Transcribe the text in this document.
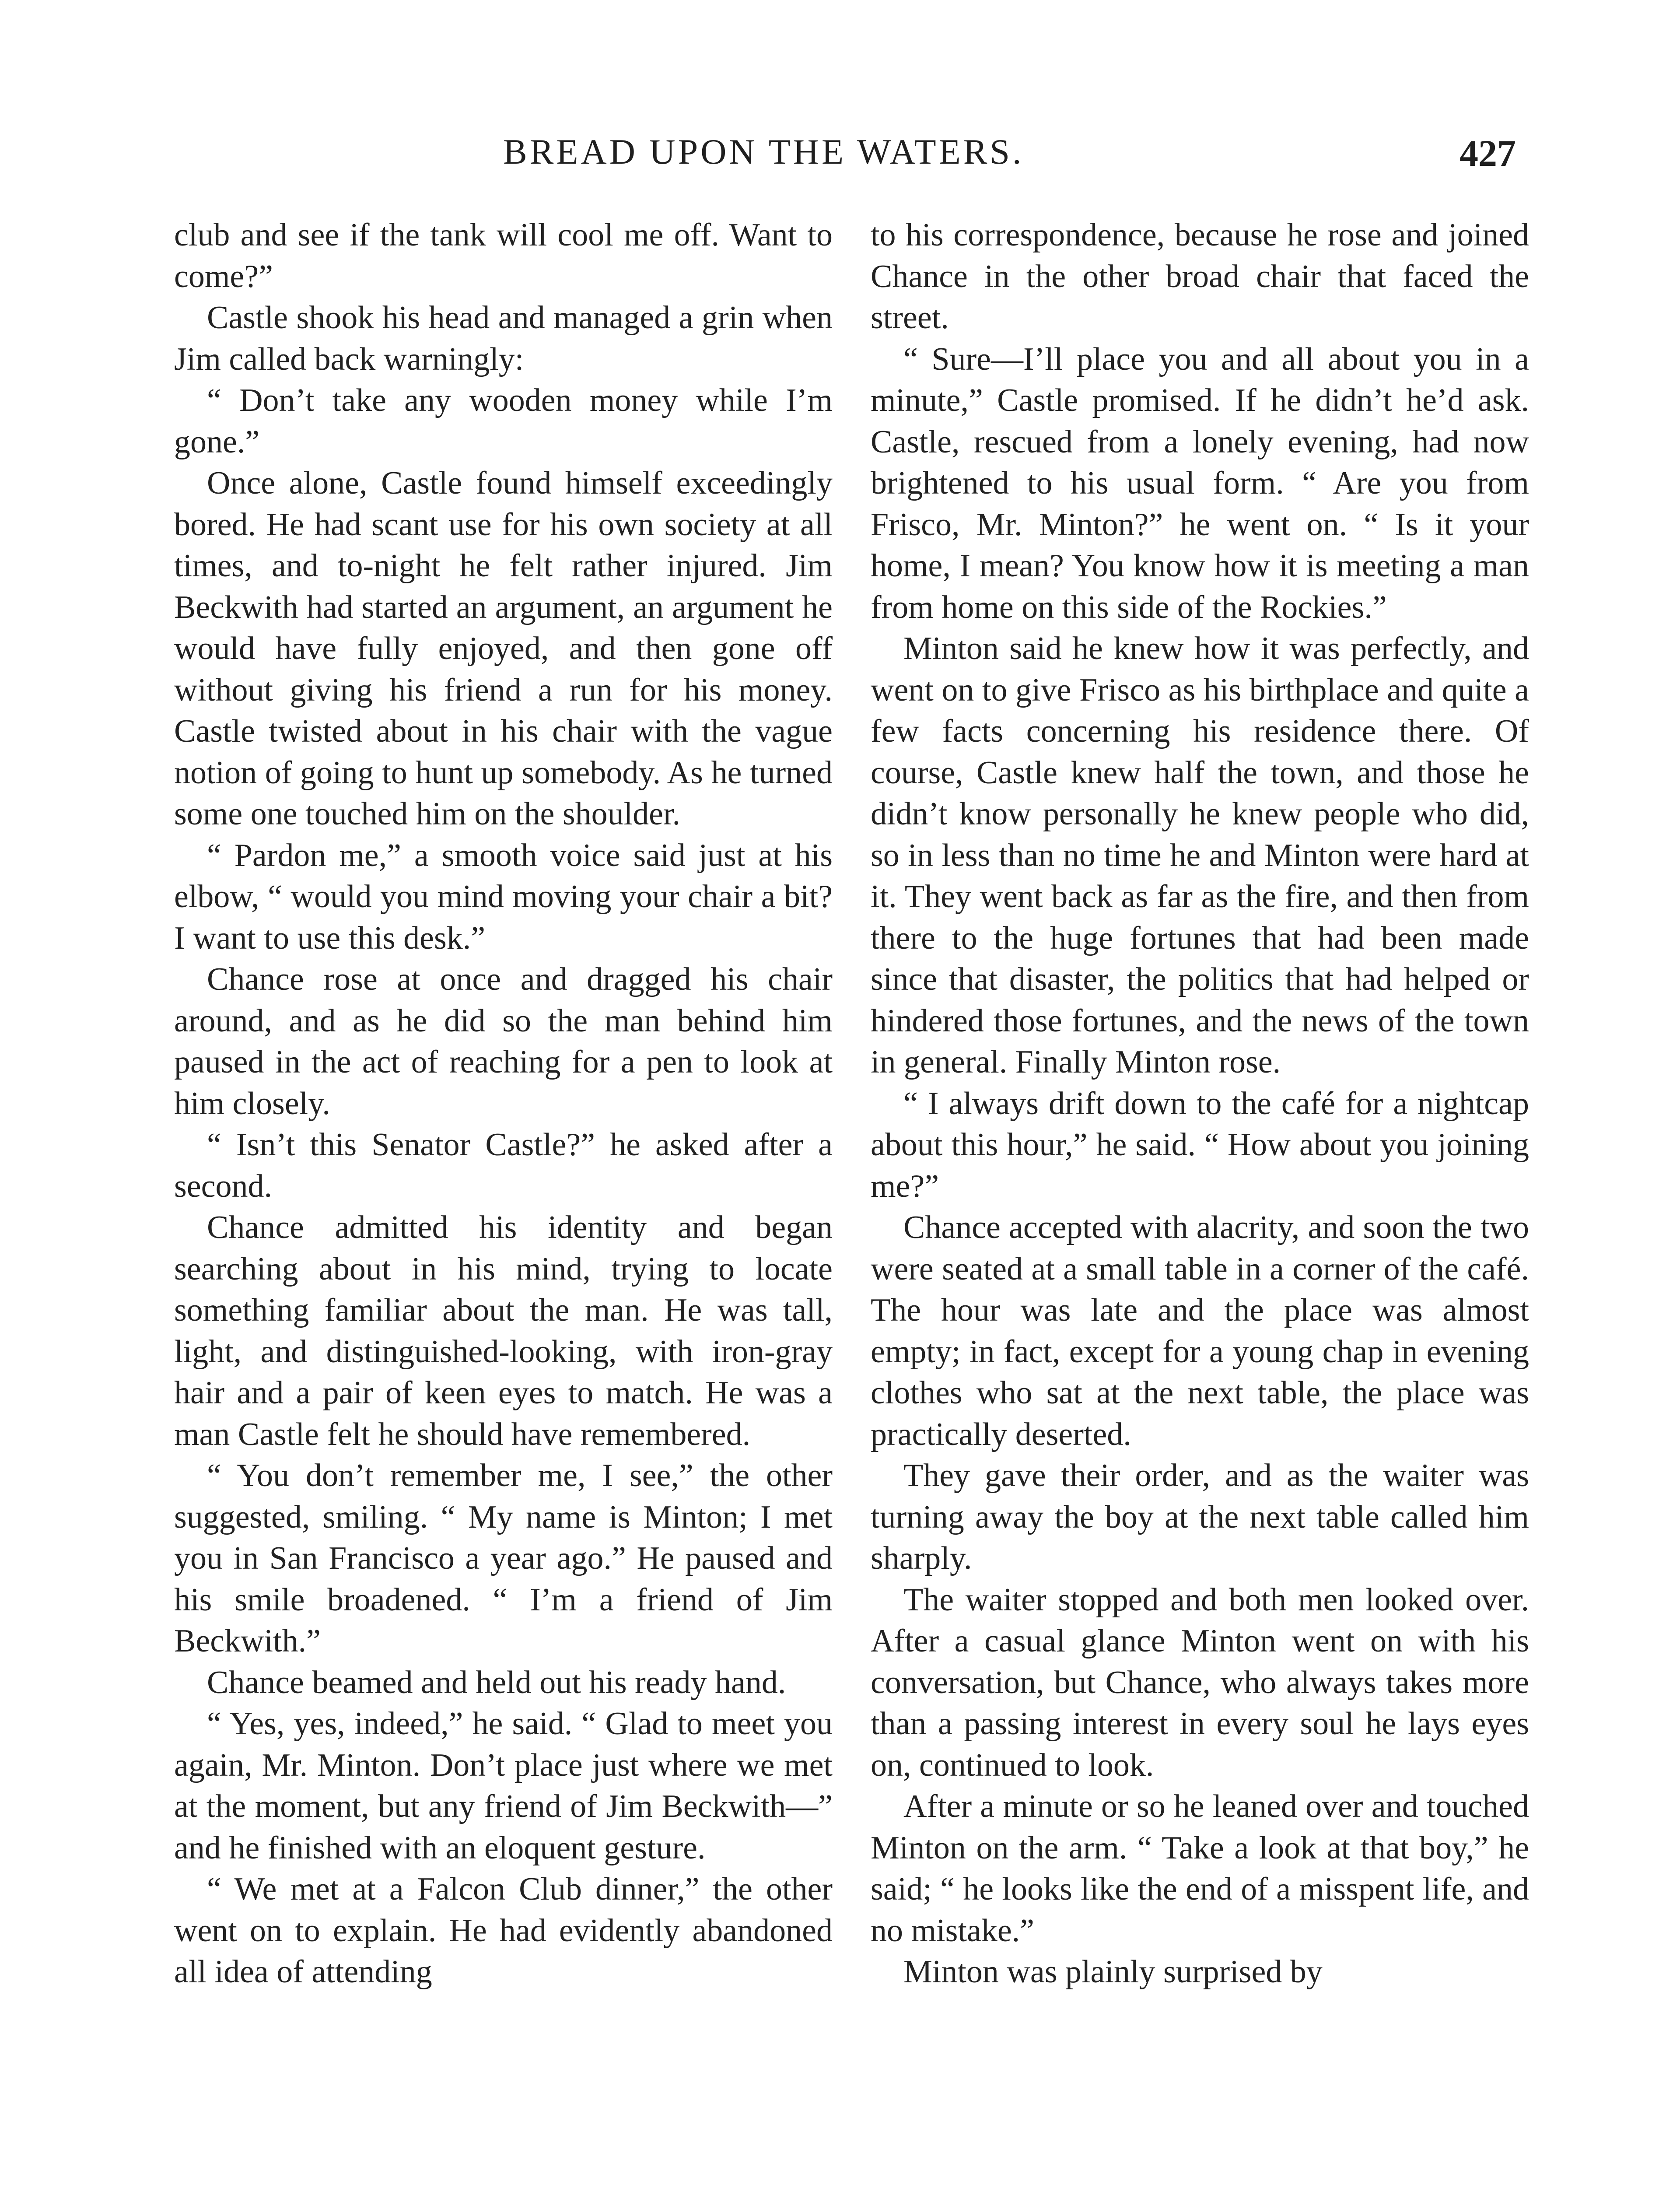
BREAD UPON THE WATERS.	427

club and see if the tank will cool me off. Want to come?”

Castle shook his head and managed a grin when Jim called back warningly:

“ Don’t take any wooden money while I’m gone.”

Once alone, Castle found himself exceedingly bored. He had scant use for his own society at all times, and to-night he felt rather injured. Jim Beckwith had started an argument, an argument he would have fully enjoyed, and then gone off without giving his friend a run for his money. Castle twisted about in his chair with the vague notion of going to hunt up somebody. As he turned some one touched him on the shoulder.

“ Pardon me,” a smooth voice said just at his elbow, “ would you mind moving your chair a bit? I want to use this desk.”

Chance rose at once and dragged his chair around, and as he did so the man behind him paused in the act of reaching for a pen to look at him closely.

“ Isn’t this Senator Castle?” he asked after a second.

Chance admitted his identity and began searching about in his mind, trying to locate something familiar about the man. He was tall, light, and distinguished-looking, with iron-gray hair and a pair of keen eyes to match. He was a man Castle felt he should have remembered.

“ You don’t remember me, I see,” the other suggested, smiling. “ My name is Minton; I met you in San Francisco a year ago.” He paused and his smile broadened. “ I’m a friend of Jim Beckwith.”

Chance beamed and held out his ready hand.

“ Yes, yes, indeed,” he said. “ Glad to meet you again, Mr. Minton. Don’t place just where we met at the moment, but any friend of Jim Beckwith—” and he finished with an eloquent gesture.

“ We met at a Falcon Club dinner,” the other went on to explain. He had evidently abandoned all idea of attending

to his correspondence, because he rose and joined Chance in the other broad chair that faced the street.

“ Sure—I’ll place you and all about you in a minute,” Castle promised. If he didn’t he’d ask. Castle, rescued from a lonely evening, had now brightened to his usual form. “ Are you from Frisco, Mr. Minton?” he went on. “ Is it your home, I mean? You know how it is meeting a man from home on this side of the Rockies.”

Minton said he knew how it was perfectly, and went on to give Frisco as his birthplace and quite a few facts concerning his residence there. Of course, Castle knew half the town, and those he didn’t know personally he knew people who did, so in less than no time he and Minton were hard at it. They went back as far as the fire, and then from there to the huge fortunes that had been made since that disaster, the politics that had helped or hindered those fortunes, and the news of the town in general. Finally Minton rose.

“ I always drift down to the café for a nightcap about this hour,” he said. “ How about you joining me?”

Chance accepted with alacrity, and soon the two were seated at a small table in a corner of the café. The hour was late and the place was almost empty; in fact, except for a young chap in evening clothes who sat at the next table, the place was practically deserted.

They gave their order, and as the waiter was turning away the boy at the next table called him sharply.

The waiter stopped and both men looked over. After a casual glance Minton went on with his conversation, but Chance, who always takes more than a passing interest in every soul he lays eyes on, continued to look.

After a minute or so he leaned over and touched Minton on the arm. “ Take a look at that boy,” he said; “ he looks like the end of a misspent life, and no mistake.”

Minton was plainly surprised by
